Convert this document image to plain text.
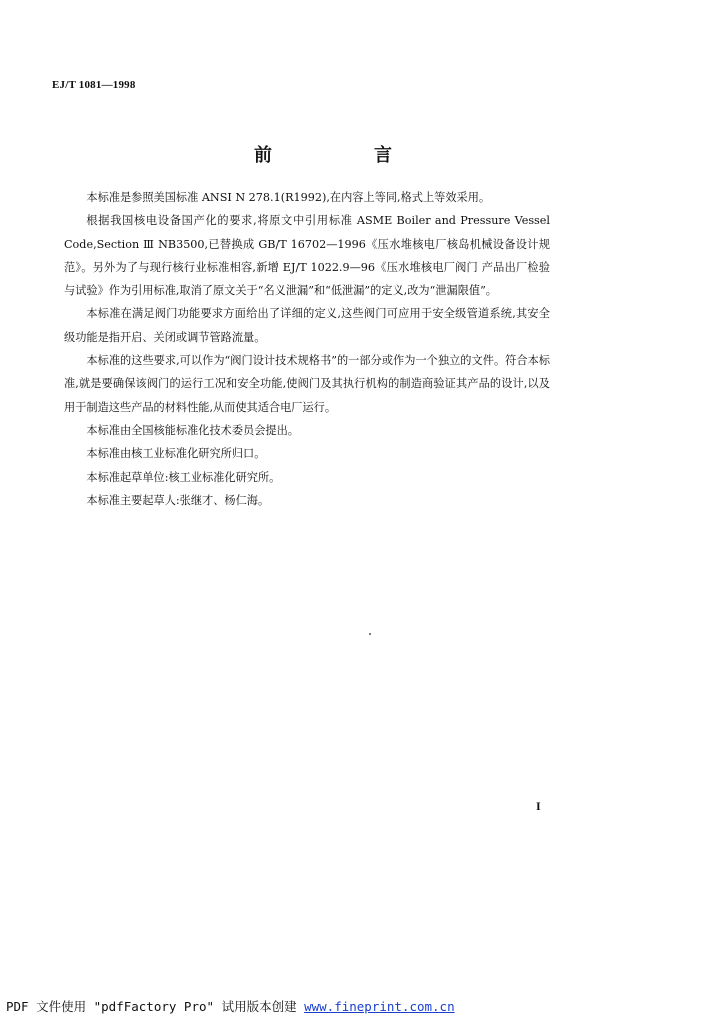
EJ/T 1081—1998
前　言

本标准是参照美国标准 ANSI N 278.1(R1992),在内容上等同,格式上等效采用。

根据我国核电设备国产化的要求,将原文中引用标准 ASME Boiler and Pressure Vessel Code,Section Ⅲ NB3500,已替换成 GB/T 16702—1996《压水堆核电厂核岛机械设备设计规范》。另外为了与现行核行业标准相容,新增 EJ/T 1022.9—96《压水堆核电厂阀门 产品出厂检验与试验》作为引用标准,取消了原文关于“名义泄漏”和“低泄漏”的定义,改为“泄漏限值”。

本标准在满足阀门功能要求方面给出了详细的定义,这些阀门可应用于安全级管道系统,其安全级功能是指开启、关闭或调节管路流量。

本标准的这些要求,可以作为“阀门设计技术规格书”的一部分或作为一个独立的文件。符合本标准,就是要确保该阀门的运行工况和安全功能,使阀门及其执行机构的制造商验证其产品的设计,以及用于制造这些产品的材料性能,从而使其适合电厂运行。

本标准由全国核能标准化技术委员会提出。

本标准由核工业标准化研究所归口。

本标准起草单位:核工业标准化研究所。

本标准主要起草人:张继才、杨仁海。

I
PDF 文件使用 "pdfFactory Pro" 试用版本创建 www.fineprint.com.cn
